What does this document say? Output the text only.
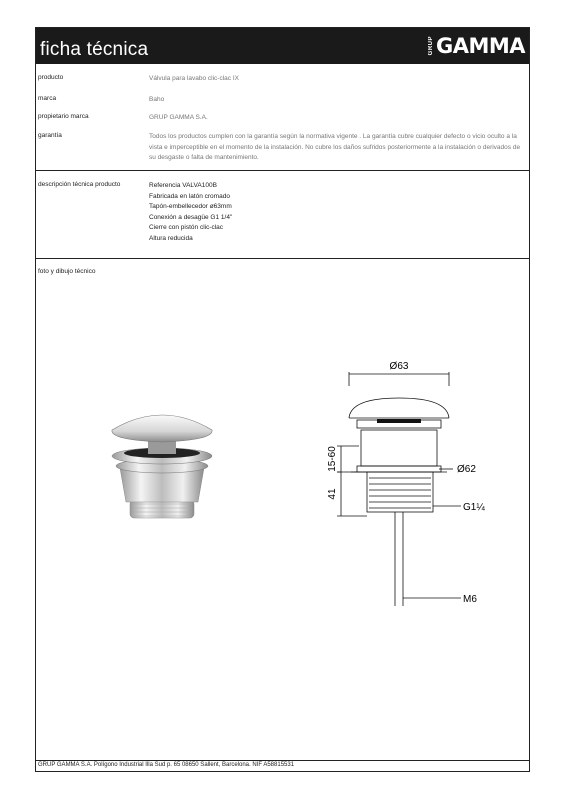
ficha técnica	GRUP GAMMA
producto	Válvula para lavabo clic-clac IX
marca	Baho
propietario marca	GRUP GAMMA S.A.
garantía	Todos los productos cumplen con la garantía según la normativa vigente . La garantía cubre cualquier defecto o vicio oculto a la vista e imperceptible en el momento de la instalación. No cubre los daños sufridos posteriormente a la instalación o derivados de su desgaste o falta de mantenimiento.
descripción técnica producto	Referencia VALVA100B
Fabricada en latón cromado
Tapón-embellecedor ø63mm
Conexión a desagüe G1 1/4"
Cierre con pistón clic-clac
Altura reducida
foto y dibujo técnico
Ø63
15-60	Ø62
41
G1¼
M6
GRUP GAMMA S.A. Polígono Industrial Illa Sud p. 65 08650 Sallent, Barcelona. NIF A58815531
